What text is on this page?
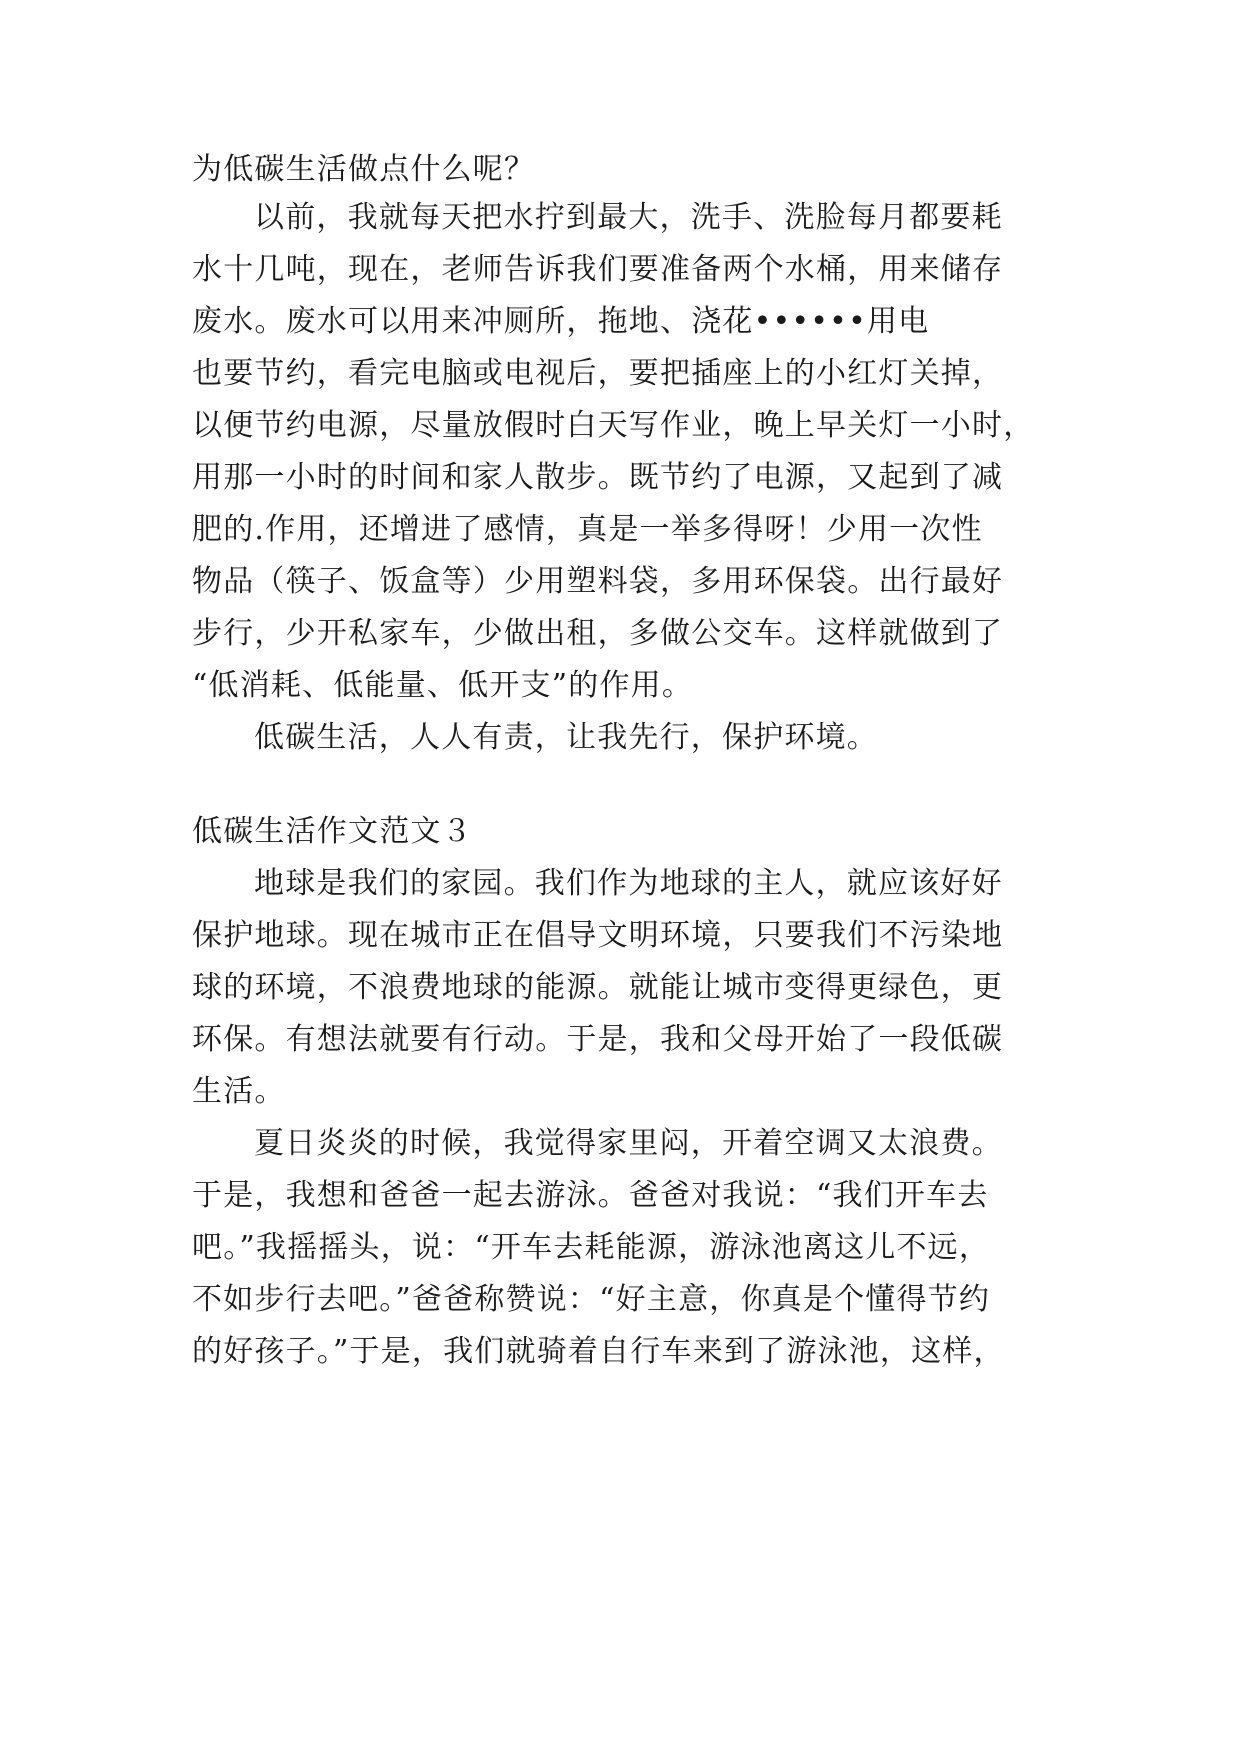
为低碳生活做点什么呢？
以前，我就每天把水拧到最大，洗手、洗脸每月都要耗
水十几吨，现在，老师告诉我们要准备两个水桶，用来储存
废水。废水可以用来冲厕所，拖地、浇花••••••用电
也要节约，看完电脑或电视后，要把插座上的小红灯关掉，
以便节约电源，尽量放假时白天写作业，晚上早关灯一小时，
用那一小时的时间和家人散步。既节约了电源，又起到了减
肥的.作用，还增进了感情，真是一举多得呀！少用一次性
物品（筷子、饭盒等）少用塑料袋，多用环保袋。出行最好
步行，少开私家车，少做出租，多做公交车。这样就做到了
“低消耗、低能量、低开支”的作用。
低碳生活，人人有责，让我先行，保护环境。
低碳生活作文范文３
地球是我们的家园。我们作为地球的主人，就应该好好
保护地球。现在城市正在倡导文明环境，只要我们不污染地
球的环境，不浪费地球的能源。就能让城市变得更绿色，更
环保。有想法就要有行动。于是，我和父母开始了一段低碳
生活。
夏日炎炎的时候，我觉得家里闷，开着空调又太浪费。
于是，我想和爸爸一起去游泳。爸爸对我说：“我们开车去
吧。”我摇摇头，说：“开车去耗能源，游泳池离这儿不远，
不如步行去吧。”爸爸称赞说：“好主意，你真是个懂得节约
的好孩子。”于是，我们就骑着自行车来到了游泳池，这样，
